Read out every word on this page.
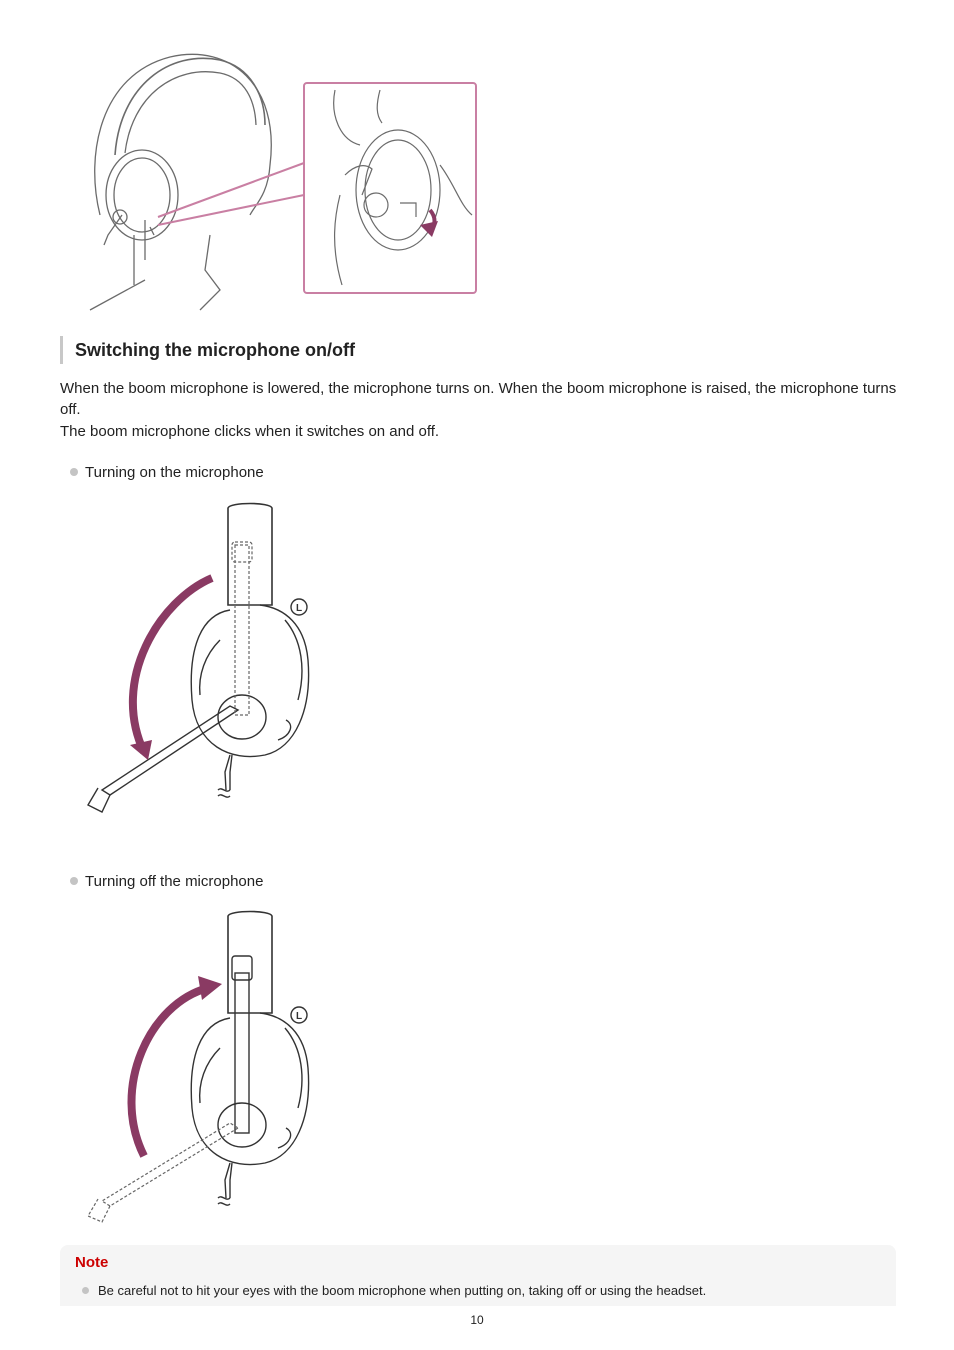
Switching the microphone on/off

When the boom microphone is lowered, the microphone turns on. When the boom microphone is raised, the microphone turns off.

The boom microphone clicks when it switches on and off.

Turning on the microphone
L
Turning off the microphone
L
Note
Be careful not to hit your eyes with the boom microphone when putting on, taking off or using the headset.
10
